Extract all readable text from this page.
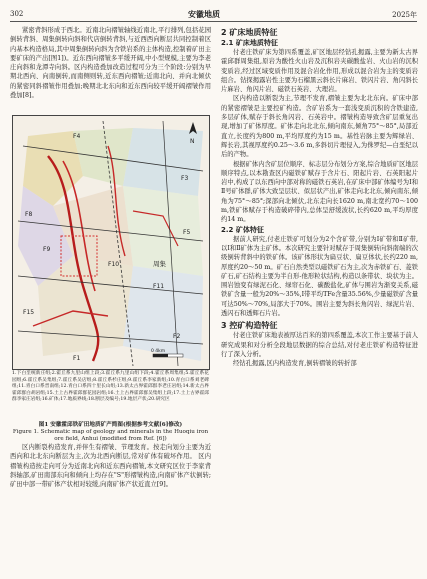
302	安徽地质	2025年

紧密背斜形成于西北。近南北向褶皱轴线近南北,平行排列,包括花园倒转背斜、周集倒转向斜和代店倒转背斜,与近西西向断层共同控制着区内基本构造格局,其中周集倒转向斜为含铁岩系的主体构造,控制着矿田主要矿床的产出[图1])。近东西向褶皱多平缓开阔,中小型规模,主要为李老庄向斜和龙潭寺向斜。区内构造叠加改造过程可分为三个阶段:分别为早期北西向、向南倒转,而南侧则转,近东西向褶皱;近南北向、并向北倾伏的紧密同斜褶皱作用叠加;晚期北北东向和近东西向较平缓开阔褶皱作用叠加[8]。

F4
F3
F8
F5
F9
F10
F11
F15
F2
F1
周集
N
0 4km
1.下白垩统新庄组;2.霍丘系九里山组上段;3.霍丘系九里山组下段;4.霍丘系周集组;5.霍丘系花园组;6.霍丘系吴集组;7.霍丘系吴店组;8.霍丘系杉庄组;9.霍丘系李家新组;10.青白口系刘老碑组;11.青白口系晋南组;12.青白口系四十里长山组;13.新太古界霍邱群李老庄岩组;14.新太古界霍邱群白胡岩组;15.土上古界霍邱群花园岩组;16.土上古界霍邱群吴集组上段;17.土上古界霍邱群李家庄岩组;16.矿体;17.地质界线;18.断层及编号;19.地层产状;20.研究区
图1 安徽霍邱铁矿田地质矿产简图(根据参考文献[6]修改)
Figure 1. Schematic map of geology and minerals in the Huoqiu iron ore field, Anhui (modified from Ref. [6])

区内断裂构造发育,并伴生有褶皱、节理发育。按走向划分主要为近西向和北北东向断层为主,次为北西向断层,常对矿体有破坏作用。 区内褶皱构造按走向可分为近南北向和近东西向褶皱,本文研究区位于李家背斜轴部,矿田南部东向和倾向上均存在"S"形褶皱构造,向南矿体产状倒转;矿田中部一带矿体产状相对较缓,向南矿体产状近直立[9]。

2 矿床地质特征

2.1 矿床地质特征

付老庄铁矿床为第四系覆盖,矿区地层经钻孔揭露,主要为新太古界霍邱群周集组,原岩为酸性火山岩及沉积岩夹碳酸盐岩、火山岩的沉积变质岩,经过区域变质作用及混合岩化作用,形成以混合岩为主的变质岩组合。钻探揭露岩性主要为石榴黑云斜长片麻岩、铁闪片岩、角闪斜长片麻岩、角闪片岩、磁铁石英岩、大理岩。

区内构造以断裂为主,节理不发育,褶皱主要为北北东向。矿床中部的紧密褶皱是主要控矿构造。含矿岩系为一套浅变质沉积的含铁建造,多层矿体,赋存于斜长角闪岩、石英岩中。褶皱构造导致含矿层重复出现,增加了矿体厚度。矿体走向北北东,倾向南东,倾角75°～85°,局部近直立,长度约为800 m,平均厚度约为15 m。基性岩脉主要为辉绿岩、辉长岩,其视厚度约0.25～3.6 m,多斜切片理侵入,为侏罗纪—白垩纪以后的产物。

根据矿体内含矿层位顺序、标志层分布划分方案,综合地质矿区地层顺序特点,以本勘查区内磁铁矿赋存于含片石、阳起片岩、石英阳起片岩中,构成了以东西向中部对称的磁铁石英岩,在矿床中部矿体编号为Ⅰ和Ⅱ号矿体群,矿体大致呈层状、似层状产出,矿体走向北北东,倾向南东,倾角为75°～85°;深部向北倾伏,北东走向长1620 m,南北宽约70～100 m,铁矿体赋存于构造破碎带内,总体呈舒缓波状,长约620 m,平均厚度约14 m。

2.2 矿体特征

据前人研究,付老庄铁矿可划分为2个含矿带,分别为Ⅰ矿带和Ⅱ矿带,以Ⅰ和Ⅱ矿体为主矿体。本次研究主要针对赋存于周集倒转向斜南端的次级倒转背斜中的铁矿体。该矿体形状为扁豆状、扁豆体状,长约220 m,厚度约20～50 m。矿石自然类型以磁铁矿石为主,次为赤铁矿石、菱铁矿石,矿石结构主要为半自形-他形粒状结构,构造以条带状、块状为主。围岩蚀变有绿泥石化、绿帘石化、碳酸盐化,矿体与围岩为渐变关系,磁铁矿含量一般为20%～35%,Ⅰ带平均TFe含量35.56%,少量磁铁矿含量可达50%～70%,局部大于70%。围岩主要为斜长角闪岩、绿泥片岩、透闪石和透辉石片岩。

3 控矿构造特征

付老庄铁矿床地表被厚达百米的第四系覆盖,本次工作主要基于前人研究成果和对分析全段地层数据的综合总结,对付老庄铁矿构造特征进行了深入分析。

经钻孔揭露,区内构造发育,倒转褶皱的转折部
